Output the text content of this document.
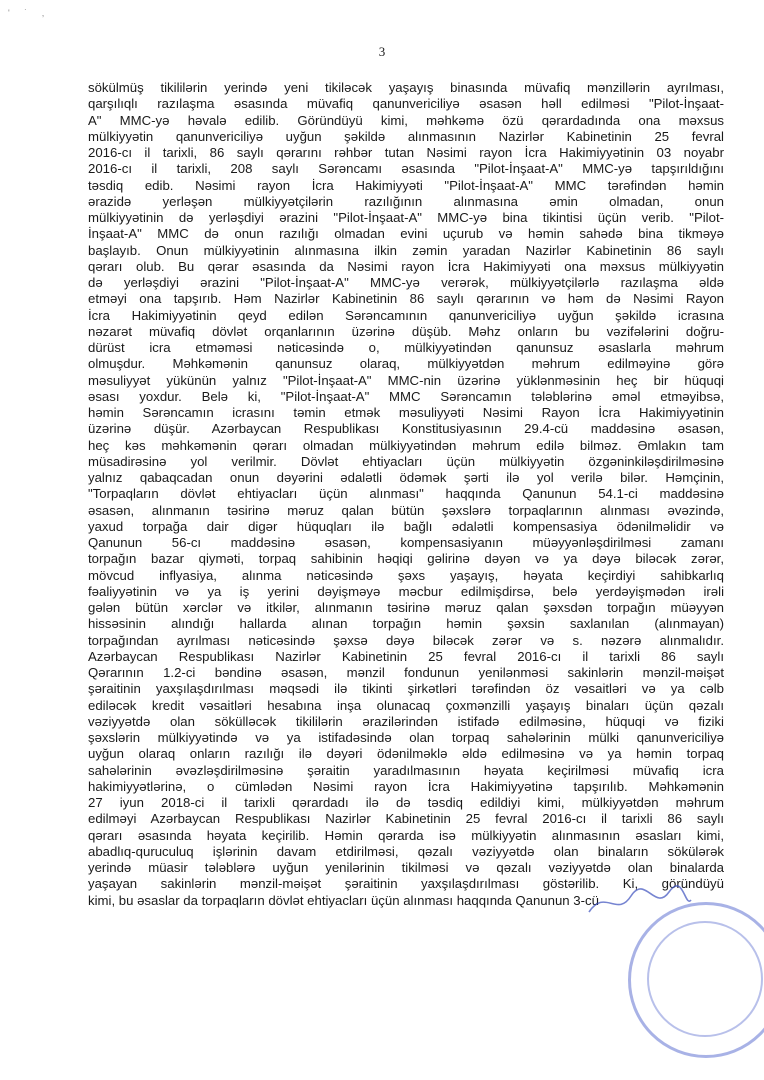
' ˙ ,
3
sökülmüş tikililərin yerində yeni tikiləcək yaşayış binasında müvafiq mənzillərin ayrılması,
qarşılıqlı razılaşma əsasında müvafiq qanunvericiliyə əsasən həll edilməsi "Pilot-İnşaat-
A" MMC-yə həvalə edilib. Göründüyü kimi, məhkəmə özü qərardadında ona məxsus
mülkiyyətin qanunvericiliyə uyğun şəkildə alınmasının Nazirlər Kabinetinin 25 fevral
2016-cı il tarixli, 86 saylı qərarını rəhbər tutan Nəsimi rayon İcra Hakimiyyətinin 03 noyabr
2016-cı il tarixli, 208 saylı Sərəncamı əsasında "Pilot-İnşaat-A" MMC-yə tapşırıldığını
təsdiq edib. Nəsimi rayon İcra Hakimiyyəti "Pilot-İnşaat-A" MMC tərəfindən həmin
ərazidə yerləşən mülkiyyətçilərin razılığının alınmasına əmin olmadan, onun
mülkiyyətinin də yerləşdiyi ərazini "Pilot-İnşaat-A" MMC-yə bina tikintisi üçün verib. "Pilot-
İnşaat-A" MMC də onun razılığı olmadan evini uçurub və həmin sahədə bina tikməyə
başlayıb. Onun mülkiyyətinin alınmasına ilkin zəmin yaradan Nazirlər Kabinetinin 86 saylı
qərarı olub. Bu qərar əsasında da Nəsimi rayon İcra Hakimiyyəti ona məxsus mülkiyyətin
də yerləşdiyi ərazini "Pilot-İnşaat-A" MMC-yə verərək, mülkiyyətçilərlə razılaşma əldə
etməyi ona tapşırıb. Həm Nazirlər Kabinetinin 86 saylı qərarının və həm də Nəsimi Rayon
İcra Hakimiyyətinin qeyd edilən Sərəncamının qanunvericiliyə uyğun şəkildə icrasına
nəzarət müvafiq dövlət orqanlarının üzərinə düşüb. Məhz onların bu vəzifələrini doğru-
dürüst icra etməməsi nəticəsində o, mülkiyyətindən qanunsuz əsaslarla məhrum
olmuşdur. Məhkəmənin qanunsuz olaraq, mülkiyyətdən məhrum edilməyinə görə
məsuliyyət yükünün yalnız "Pilot-İnşaat-A" MMC-nin üzərinə yüklənməsinin heç bir hüquqi
əsası yoxdur. Belə ki, "Pilot-İnşaat-A" MMC Sərəncamın tələblərinə əməl etməyibsə,
həmin Sərəncamın icrasını təmin etmək məsuliyyəti Nəsimi Rayon İcra Hakimiyyətinin
üzərinə düşür. Azərbaycan Respublikası Konstitusiyasının 29.4-cü maddəsinə əsasən,
heç kəs məhkəmənin qərarı olmadan mülkiyyətindən məhrum edilə bilməz. Əmlakın tam
müsadirəsinə yol verilmir. Dövlət ehtiyacları üçün mülkiyyətin özgəninkiləşdirilməsinə
yalnız qabaqcadan onun dəyərini ədalətli ödəmək şərti ilə yol verilə bilər. Həmçinin,
"Torpaqların dövlət ehtiyacları üçün alınması" haqqında Qanunun 54.1-ci maddəsinə
əsasən, alınmanın təsirinə məruz qalan bütün şəxslərə torpaqlarının alınması əvəzində,
yaxud torpağa dair digər hüquqları ilə bağlı ədalətli kompensasiya ödənilməlidir və
Qanunun 56-cı maddəsinə əsasən, kompensasiyanın müəyyənləşdirilməsi zamanı
torpağın bazar qiyməti, torpaq sahibinin həqiqi gəlirinə dəyən və ya dəyə biləcək zərər,
mövcud inflyasiya, alınma nəticəsində şəxs yaşayış, həyata keçirdiyi sahibkarlıq
fəaliyyətinin və ya iş yerini dəyişməyə məcbur edilmişdirsə, belə yerdəyişmədən irəli
gələn bütün xərclər və itkilər, alınmanın təsirinə məruz qalan şəxsdən torpağın müəyyən
hissəsinin alındığı hallarda alınan torpağın həmin şəxsin saxlanılan (alınmayan)
torpağından ayrılması nəticəsində şəxsə dəyə biləcək zərər və s. nəzərə alınmalıdır.
Azərbaycan Respublikası Nazirlər Kabinetinin 25 fevral 2016-cı il tarixli 86 saylı
Qərarının 1.2-ci bəndinə əsasən, mənzil fondunun yenilənməsi sakinlərin mənzil-məişət
şəraitinin yaxşılaşdırılması məqsədi ilə tikinti şirkətləri tərəfindən öz vəsaitləri və ya cəlb
ediləcək kredit vəsaitləri hesabına inşa olunacaq çoxmənzilli yaşayış binaları üçün qəzalı
vəziyyətdə olan sökülləcək tikililərin ərazilərindən istifadə edilməsinə, hüquqi və fiziki
şəxslərin mülkiyyətində və ya istifadəsində olan torpaq sahələrinin mülki qanunvericiliyə
uyğun olaraq onların razılığı ilə dəyəri ödənilməklə əldə edilməsinə və ya həmin torpaq
sahələrinin əvəzləşdirilməsinə şəraitin yaradılmasının həyata keçirilməsi müvafiq icra
hakimiyyətlərinə, o cümlədən Nəsimi rayon İcra Hakimiyyətinə tapşırılıb. Məhkəmənin
27 iyun 2018-ci il tarixli qərardadı ilə də təsdiq edildiyi kimi, mülkiyyətdən məhrum
edilməyi Azərbaycan Respublikası Nazirlər Kabinetinin 25 fevral 2016-cı il tarixli 86 saylı
qərarı əsasında həyata keçirilib. Həmin qərarda isə mülkiyyətin alınmasının əsasları kimi,
abadlıq-quruculuq işlərinin davam etdirilməsi, qəzalı vəziyyətdə olan binaların sökülərək
yerində müasir tələblərə uyğun yenilərinin tikilməsi və qəzalı vəziyyətdə olan binalarda
yaşayan sakinlərin mənzil-məişət şəraitinin yaxşılaşdırılması göstərilib. Ki, göründüyü
kimi, bu əsaslar da torpaqların dövlət ehtiyacları üçün alınması haqqında Qanunun 3-cü
